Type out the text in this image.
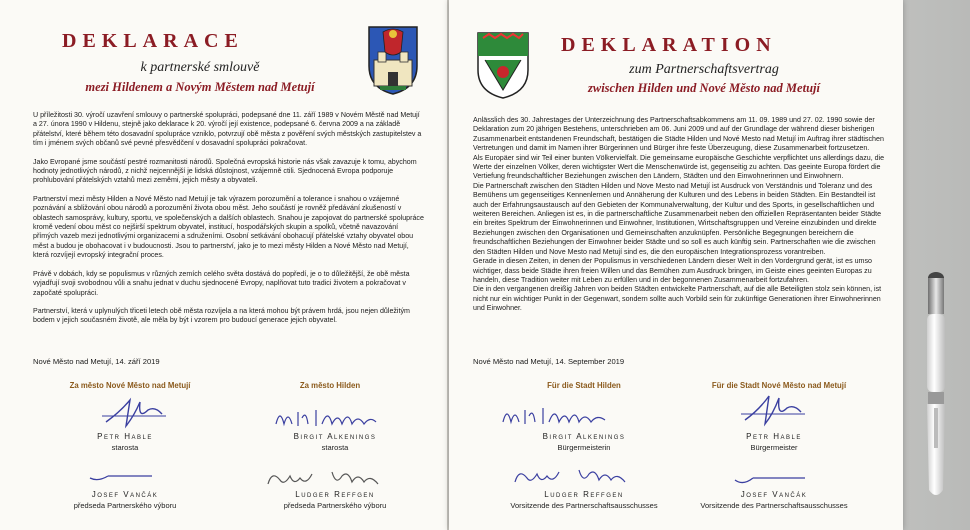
DEKLARACE
k partnerské smlouvě
mezi Hildenem a Novým Městem nad Metují

U příležitosti 30. výročí uzavření smlouvy o partnerské spolupráci, podepsané dne 11. září 1989 v Novém Městě nad Metují a 27. února 1990 v Hildenu, stejně jako deklarace k 20. výročí její existence, podepsané 6. června 2009 a na základě přátelství, které během této dosavadní spolupráce vzniklo, potvrzují obě města z pověření svých městských zastupitelstev a tím i jménem svých občanů své pevné přesvědčení v dosavadní spolupráci pokračovat.

Jako Evropané jsme součástí pestré rozmanitosti národů. Společná evropská historie nás však zavazuje k tomu, abychom hodnoty jednotlivých národů, z nichž nejcennější je lidská důstojnost, vzájemně ctili. Sjednocená Evropa podporuje prohlubování přátelských vztahů mezi zeměmi, jejich městy a obyvateli.

Partnerství mezi městy Hilden a Nové Město nad Metují je tak výrazem porozumění a tolerance i snahou o vzájemné poznávání a sbližování obou národů a porozumění života obou měst. Jeho součástí je rovněž předávání zkušeností v oblastech samosprávy, kultury, sportu, ve společenských a dalších oblastech. Snahou je zapojovat do partnerské spolupráce kromě vedení obou měst co nejširší spektrum obyvatel, institucí, hospodářských skupin a spolků, včetně navazování přímých vazeb mezi jednotlivými organizacemi a sdruženími. Osobní setkávání obohacují přátelské vztahy obyvatel obou měst a budou je obohacovat i v budoucnosti. Jsou to partnerství, jako je to mezi městy Hilden a Nové Město nad Metují, která rozvíjejí evropský integrační proces.

Právě v dobách, kdy se populismus v různých zemích celého světa dostává do popředí, je o to důležitější, že obě města vyjadřují svoji svobodnou vůli a snahu jednat v duchu sjednocené Evropy, naplňovat tuto tradici životem a pokračovat v započaté spolupráci.

Partnerství, která v uplynulých třiceti letech obě města rozvíjela a na která mohou být právem hrdá, jsou nejen důležitým bodem v jejich současném životě, ale měla by být i vzorem pro budoucí generace jejich obyvatel.

Nové Město nad Metují, 14. září 2019
Za město Nové Město nad Metují	Za město Hilden
Petr Hable
starosta
Birgit Alkenings
starosta
Josef Vančák
předseda Partnerského výboru
Ludger Reffgen
předseda Partnerského výboru
DEKLARATION
zum Partnerschaftsvertrag
zwischen Hilden und Nové Město nad Metují

Anlässlich des 30. Jahrestages der Unterzeichnung des Partnerschaftsabkommens am 11. 09. 1989 und 27. 02. 1990 sowie der Deklaration zum 20 jährigen Bestehens, unterschrieben am 06. Juni 2009 und auf der Grundlage der während dieser bisherigen Zusammenarbeit entstandenen Freundschaft, bestätigen die Städte Hilden und Nové Mesto nad Metují im Auftrag ihrer städtischen Vertretungen und damit im Namen ihrer Bürgerinnen und Bürger ihre feste Überzeugung, diese Zusammenarbeit fortzusetzen.

Als Europäer sind wir Teil einer bunten Völkervielfalt. Die gemeinsame europäische Geschichte verpflichtet uns allerdings dazu, die Werte der einzelnen Völker, deren wichtigster Wert die Menschenwürde ist, gegenseitig zu achten. Das geeinte Europa fördert die Vertiefung freundschaftlicher Beziehungen zwischen den Ländern, Städten und den Einwohnerinnen und Einwohnern.

Die Partnerschaft zwischen den Städten Hilden und Nove Mesto nad Metují ist Ausdruck von Verständnis und Toleranz und des Bemühens um gegenseitiges Kennenlernen und Annäherung der Kulturen und des Lebens in beiden Städten. Ein Bestandteil ist auch der Erfahrungsaustausch auf den Gebieten der Kommunalverwaltung, der Kultur und des Sports, in gesellschaftlichen und weiteren Bereichen. Anliegen ist es, in die partnerschaftliche Zusammenarbeit neben den offiziellen Repräsentanten beider Städte ein breites Spektrum der Einwohnerinnen und Einwohner, Institutionen, Wirtschaftsgruppen und Vereine einzubinden und direkte Beziehungen zwischen den Organisationen und Gemeinschaften anzuknüpfen. Persönliche Begegnungen bereichern die freundschaftlichen Beziehungen der Einwohner beider Städte und so soll es auch künftig sein. Partnerschaften wie die zwischen den Städten Hilden und Nove Mesto nad Metují sind es, die den europäischen Integrationsprozess vorantreiben.

Gerade in diesen Zeiten, in denen der Populismus in verschiedenen Ländern dieser Welt in den Vordergrund gerät, ist es umso wichtiger, dass beide Städte ihren freien Willen und das Bemühen zum Ausdruck bringen, im Geiste eines geeinten Europas zu handeln, diese Tradition weiter mit Leben zu erfüllen und in der begonnenen Zusammenarbeit fortzufahren.

Die in den vergangenen dreißig Jahren von beiden Städten entwickelte Partnerschaft, auf die alle Beteiligten stolz sein können, ist nicht nur ein wichtiger Punkt in der Gegenwart, sondern sollte auch Vorbild sein für zukünftige Generationen ihrer Einwohnerinnen und Einwohner.

Nové Město nad Metují, 14. September 2019
Für die Stadt Hilden	Für die Stadt Nové Město nad Metují
Birgit Alkenings
Bürgermeisterin
Petr Hable
Bürgermeister
Ludger Reffgen
Vorsitzende des Partnerschaftsausschusses
Josef Vančák
Vorsitzende des Partnerschaftsausschusses
